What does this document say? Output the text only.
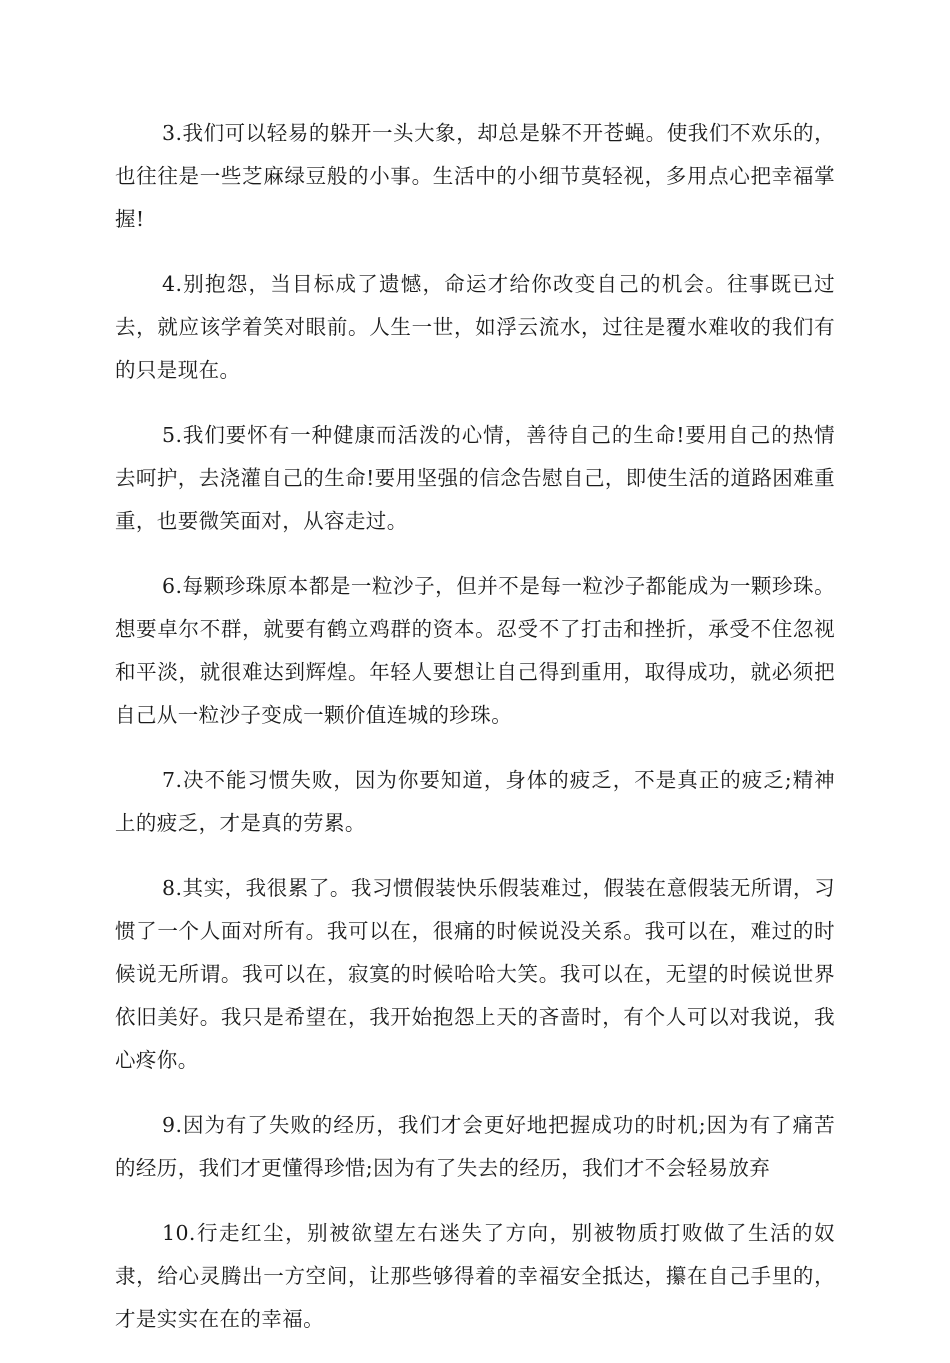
3.我们可以轻易的躲开一头大象，却总是躲不开苍蝇。使我们不欢乐的，也往往是一些芝麻绿豆般的小事。生活中的小细节莫轻视，多用点心把幸福掌握!

4.别抱怨，当目标成了遗憾，命运才给你改变自己的机会。往事既已过去，就应该学着笑对眼前。人生一世，如浮云流水，过往是覆水难收的我们有的只是现在。

5.我们要怀有一种健康而活泼的心情，善待自己的生命!要用自己的热情去呵护，去浇灌自己的生命!要用坚强的信念告慰自己，即使生活的道路困难重重，也要微笑面对，从容走过。

6.每颗珍珠原本都是一粒沙子，但并不是每一粒沙子都能成为一颗珍珠。想要卓尔不群，就要有鹤立鸡群的资本。忍受不了打击和挫折，承受不住忽视和平淡，就很难达到辉煌。年轻人要想让自己得到重用，取得成功，就必须把自己从一粒沙子变成一颗价值连城的珍珠。

7.决不能习惯失败，因为你要知道，身体的疲乏，不是真正的疲乏;精神上的疲乏，才是真的劳累。

8.其实，我很累了。我习惯假装快乐假装难过，假装在意假装无所谓，习惯了一个人面对所有。我可以在，很痛的时候说没关系。我可以在，难过的时候说无所谓。我可以在，寂寞的时候哈哈大笑。我可以在，无望的时候说世界依旧美好。我只是希望在，我开始抱怨上天的吝啬时，有个人可以对我说，我心疼你。

9.因为有了失败的经历，我们才会更好地把握成功的时机;因为有了痛苦的经历，我们才更懂得珍惜;因为有了失去的经历，我们才不会轻易放弃

10.行走红尘，别被欲望左右迷失了方向，别被物质打败做了生活的奴隶，给心灵腾出一方空间，让那些够得着的幸福安全抵达，攥在自己手里的，才是实实在在的幸福。
